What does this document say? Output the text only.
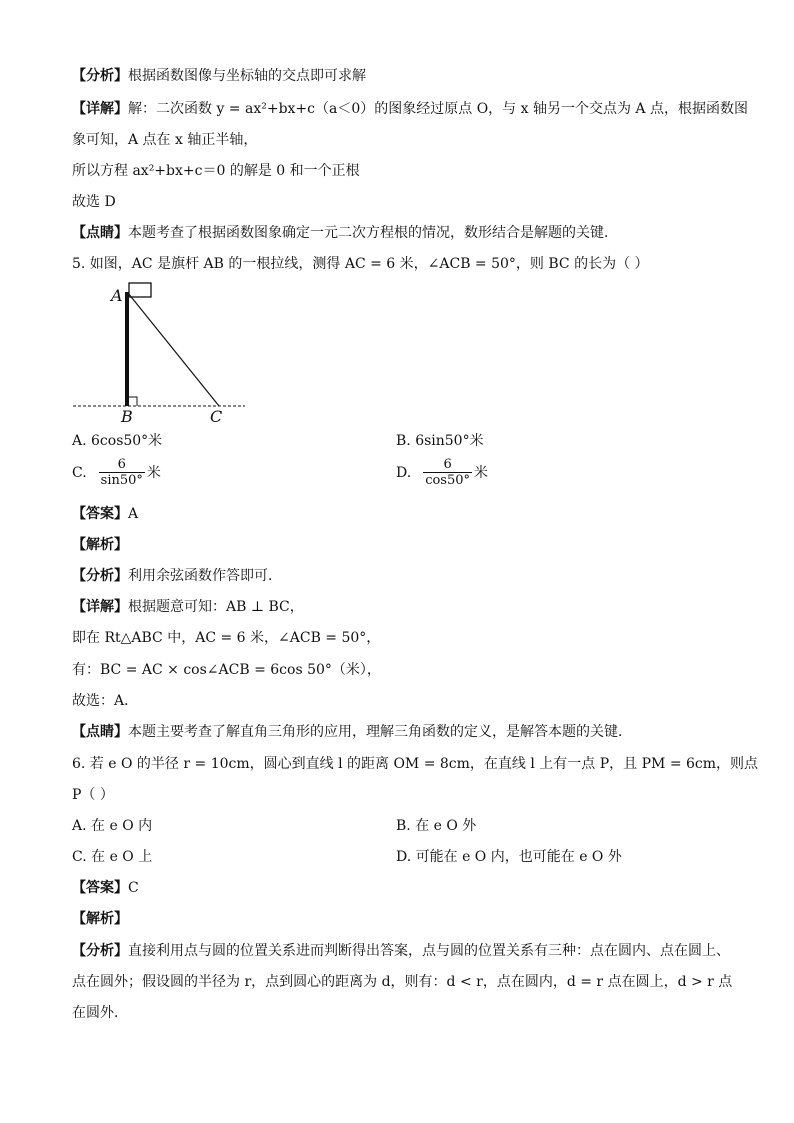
【分析】根据函数图像与坐标轴的交点即可求解
【详解】解：二次函数 y = ax²+bx+c（a＜0）的图象经过原点 O，与 x 轴另一个交点为 A 点，根据函数图
象可知，A 点在 x 轴正半轴，
所以方程 ax²+bx+c＝0 的解是 0 和一个正根
故选 D
【点睛】本题考查了根据函数图象确定一元二次方程根的情况，数形结合是解题的关键．
5. 如图，AC 是旗杆 AB 的一根拉线，测得 AC = 6 米，∠ACB = 50°，则 BC 的长为（ ）
A
B	C
A. 6cos50°米	B. 6sin50°米
C. $\frac{6}{\sin 50^\circ}$ 米	D. $\frac{6}{\cos 50^\circ}$ 米
【答案】A
【解析】
【分析】利用余弦函数作答即可．
【详解】根据题意可知：AB ⊥ BC，
即在 Rt△ABC 中，AC = 6 米，∠ACB = 50°，
有：BC = AC × cos∠ACB = 6cos 50°（米），
故选：A．
【点睛】本题主要考查了解直角三角形的应用，理解三角函数的定义，是解答本题的关键．
6. 若 e O 的半径 r = 10cm，圆心到直线 l 的距离 OM = 8cm，在直线 l 上有一点 P，且 PM = 6cm，则点
P（ ）
A. 在 e O 内	B. 在 e O 外
C. 在 e O 上	D. 可能在 e O 内，也可能在 e O 外
【答案】C
【解析】
【分析】直接利用点与圆的位置关系进而判断得出答案，点与圆的位置关系有三种：点在圆内、点在圆上、
点在圆外；假设圆的半径为 r，点到圆心的距离为 d，则有：d < r，点在圆内，d = r 点在圆上，d > r 点
在圆外．
